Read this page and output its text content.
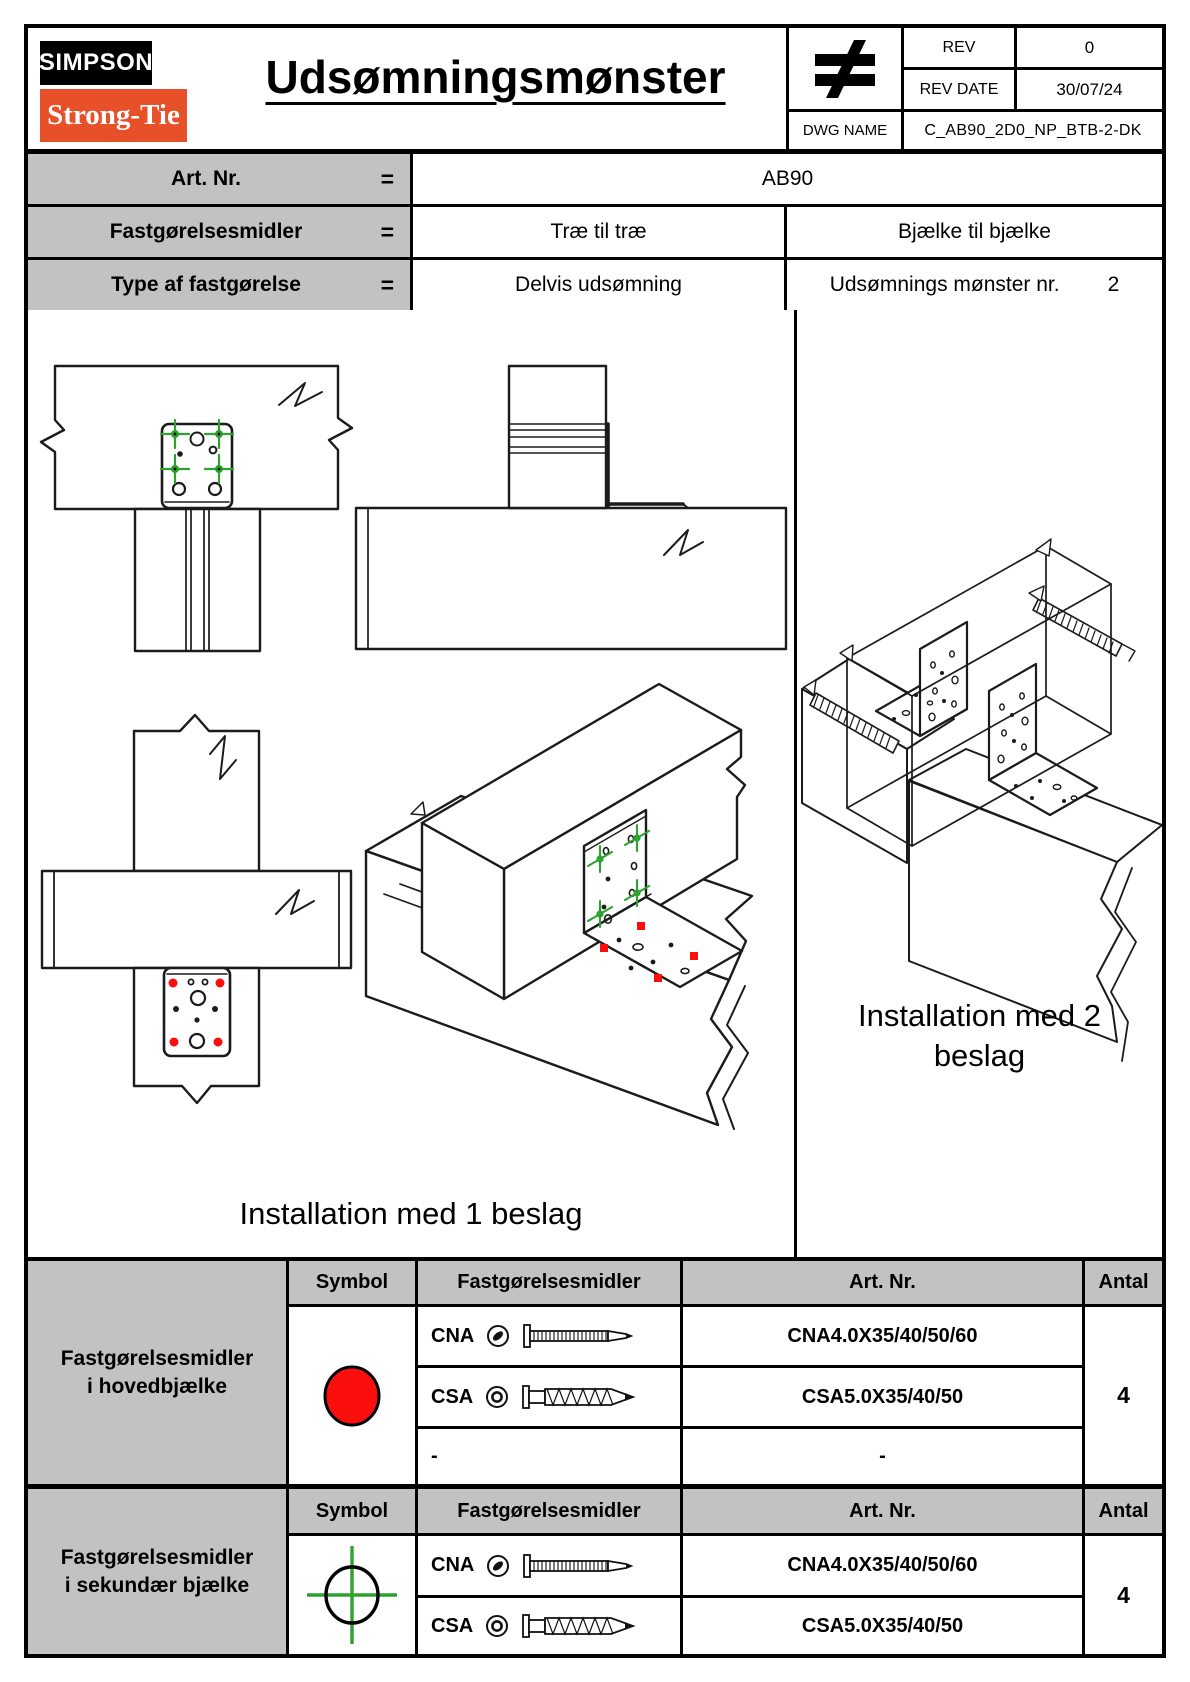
SIMPSON
Strong-Tie
Udsømningsmønster
REV	0
REV DATE	30/07/24
DWG NAME	C_AB90_2D0_NP_BTB-2-DK
Art. Nr.	=	AB90
Fastgørelsesmidler	=	Træ til træ	Bjælke til bjælke
Type af fastgørelse	=	Delvis udsømning	Udsømnings mønster nr. 2
Installation med 1 beslag
Installation med 2
beslag
Fastgørelsesmidler
i hovedbjælke
Symbol	Fastgørelsesmidler	Art. Nr.	Antal
CNA	CNA4.0X35/40/50/60
CSA	CSA5.0X35/40/50
-	-
4
Fastgørelsesmidler
i sekundær bjælke
Symbol	Fastgørelsesmidler	Art. Nr.	Antal
CNA	CNA4.0X35/40/50/60
CSA	CSA5.0X35/40/50
4
